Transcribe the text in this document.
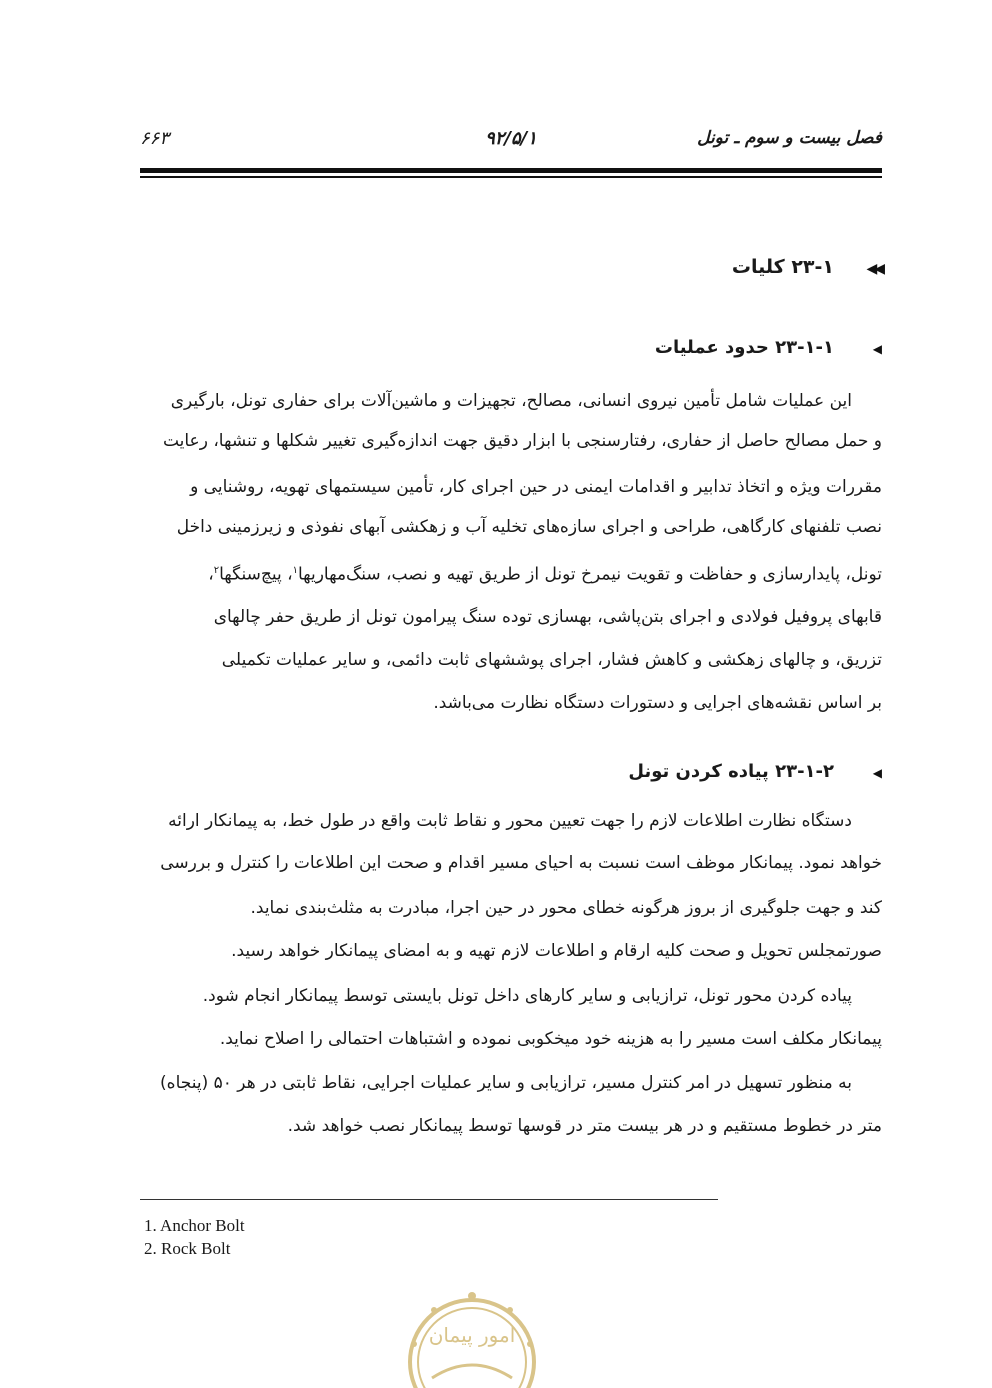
فصل بیست و سوم ـ تونل
۹۲/۵/۱
۶۶۳
◀◀۲۳-۱ کلیات
◀۲۳-۱-۱ حدود عملیات
این عملیات شامل تأمین نیروی انسانی، مصالح، تجهیزات و ماشین‌آلات برای حفاری تونل، بارگیری
و حمل مصالح حاصل از حفاری، رفتارسنجی با ابزار دقیق جهت اندازه‌گیری تغییر شکلها و تنشها، رعایت
مقررات ویژه و اتخاذ تدابیر و اقدامات ایمنی در حین اجرای کار، تأمین سیستمهای تهویه، روشنایی و
نصب تلفنهای کارگاهی، طراحی و اجرای سازه‌های تخلیه آب و زهکشی آبهای نفوذی و زیرزمینی داخل
تونل، پایدارسازی و حفاظت و تقویت نیمرخ تونل از طریق تهیه و نصب، سنگ‌مهاریها$^۱$، پیچ‌سنگها$^۲$،
قابهای پروفیل فولادی و اجرای بتن‌پاشی، بهسازی توده سنگ پیرامون تونل از طریق حفر چالهای
تزریق، و چالهای زهکشی و کاهش فشار، اجرای پوششهای ثابت دائمی، و سایر عملیات تکمیلی
بر اساس نقشه‌های اجرایی و دستورات دستگاه نظارت می‌باشد.
◀۲۳-۱-۲ پیاده کردن تونل
دستگاه نظارت اطلاعات لازم را جهت تعیین محور و نقاط ثابت واقع در طول خط، به پیمانکار ارائه
خواهد نمود. پیمانکار موظف است نسبت به احیای مسیر اقدام و صحت این اطلاعات را کنترل و بررسی
کند و جهت جلوگیری از بروز هرگونه خطای محور در حین اجرا، مبادرت به مثلث‌بندی نماید.
صورتمجلس تحویل و صحت کلیه ارقام و اطلاعات لازم تهیه و به امضای پیمانکار خواهد رسید.
پیاده کردن محور تونل، ترازیابی و سایر کارهای داخل تونل بایستی توسط پیمانکار انجام شود.
پیمانکار مکلف است مسیر را به هزینه خود میخکوبی نموده و اشتباهات احتمالی را اصلاح نماید.
به منظور تسهیل در امر کنترل مسیر، ترازیابی و سایر عملیات اجرایی، نقاط ثابتی در هر ۵۰ (پنجاه)
متر در خطوط مستقیم و در هر بیست متر در قوسها توسط پیمانکار نصب خواهد شد.
1. Anchor Bolt
2. Rock Bolt
امور پیمان
